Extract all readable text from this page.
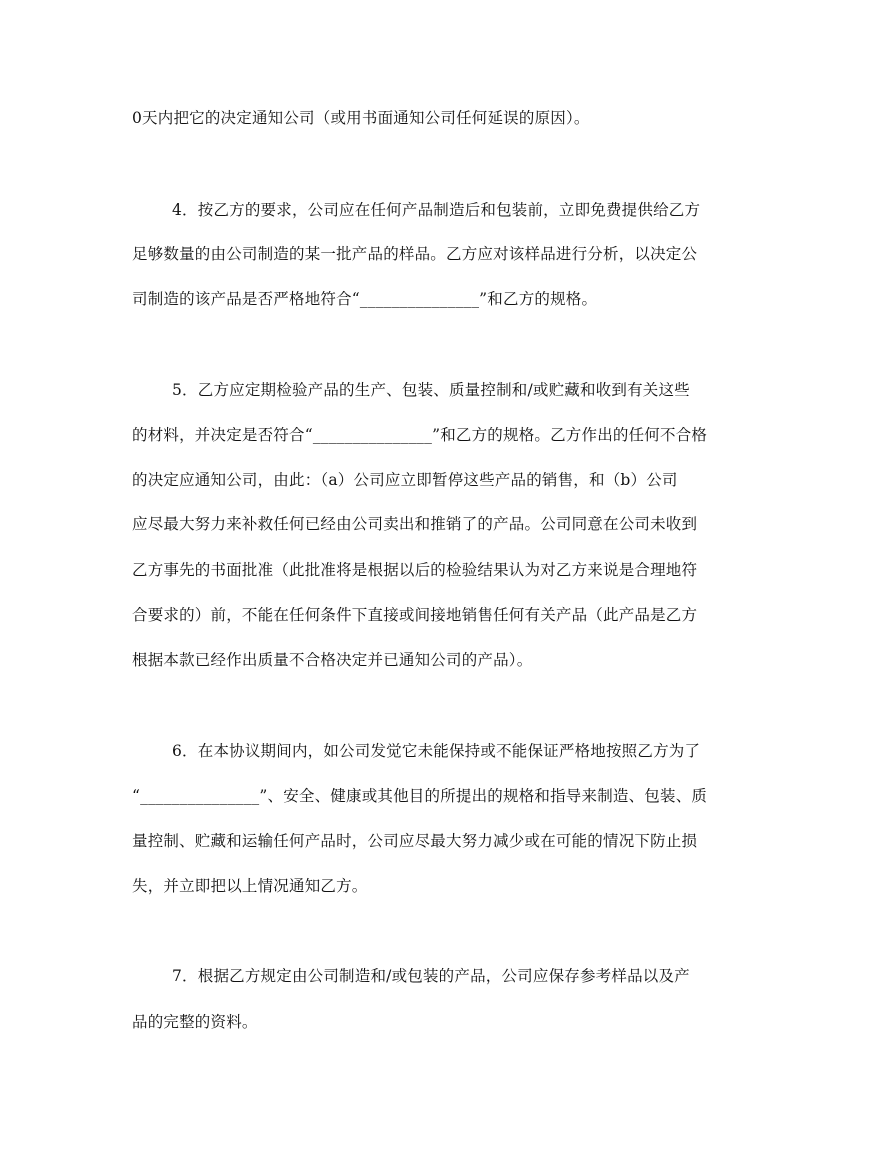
0天内把它的决定通知公司（或用书面通知公司任何延误的原因）。
4．按乙方的要求，公司应在任何产品制造后和包装前，立即免费提供给乙方
足够数量的由公司制造的某一批产品的样品。乙方应对该样品进行分析，以决定公
司制造的该产品是否严格地符合“_______________”和乙方的规格。
5．乙方应定期检验产品的生产、包装、质量控制和/或贮藏和收到有关这些
的材料，并决定是否符合“_______________”和乙方的规格。乙方作出的任何不合格
的决定应通知公司，由此：（a）公司应立即暂停这些产品的销售，和（b）公司
应尽最大努力来补救任何已经由公司卖出和推销了的产品。公司同意在公司未收到
乙方事先的书面批准（此批准将是根据以后的检验结果认为对乙方来说是合理地符
合要求的）前，不能在任何条件下直接或间接地销售任何有关产品（此产品是乙方
根据本款已经作出质量不合格决定并已通知公司的产品）。
6．在本协议期间内，如公司发觉它未能保持或不能保证严格地按照乙方为了
“_______________”、安全、健康或其他目的所提出的规格和指导来制造、包装、质
量控制、贮藏和运输任何产品时，公司应尽最大努力减少或在可能的情况下防止损
失，并立即把以上情况通知乙方。
7．根据乙方规定由公司制造和/或包装的产品，公司应保存参考样品以及产
品的完整的资料。
